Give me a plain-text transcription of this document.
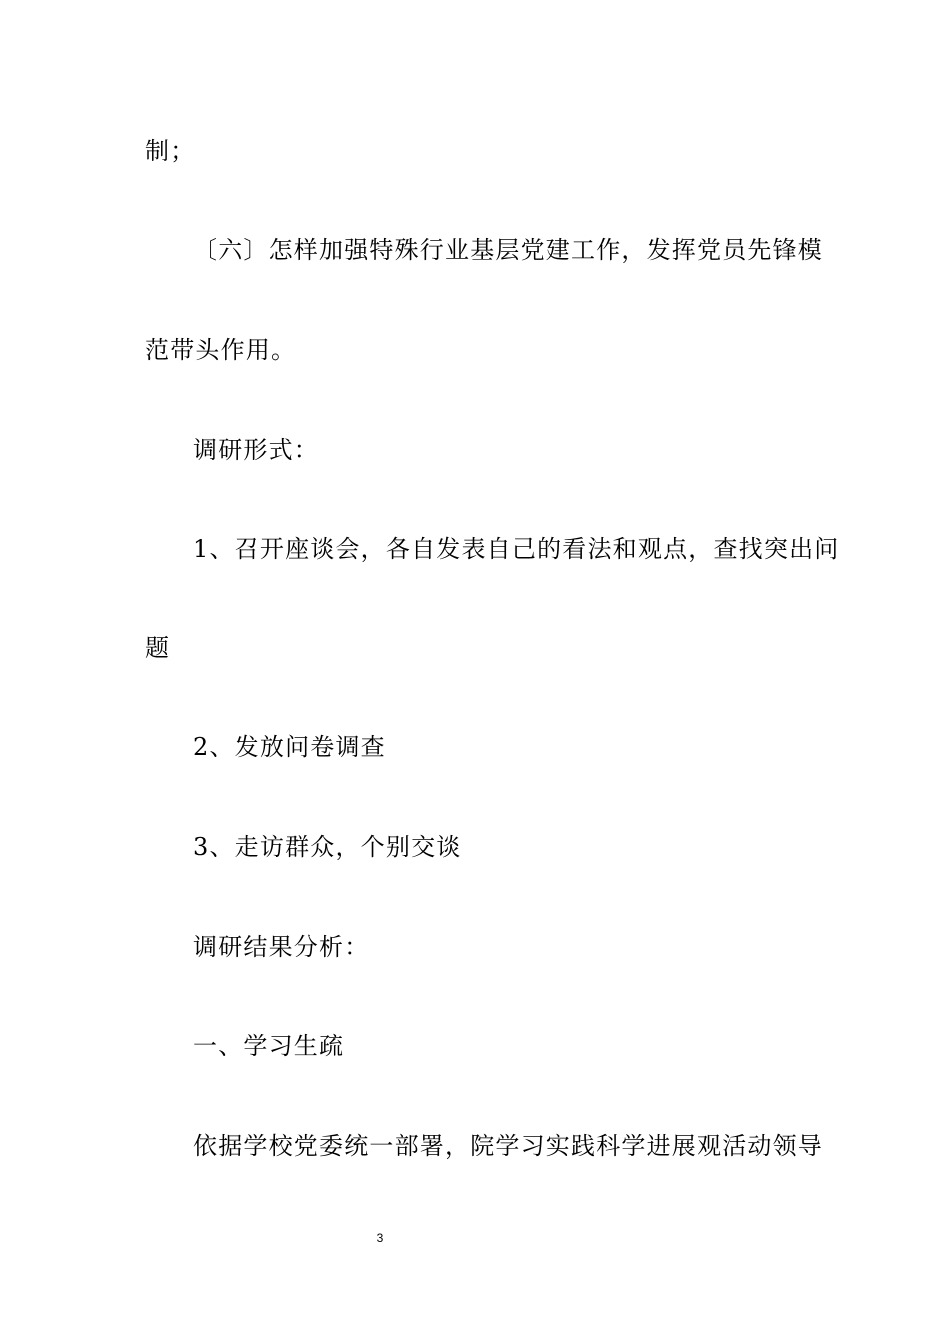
制；
〔六〕怎样加强特殊行业基层党建工作，发挥党员先锋模
范带头作用。
调研形式：
1、召开座谈会，各自发表自己的看法和观点，查找突出问
题
2、发放问卷调查
3、走访群众，个别交谈
调研结果分析：
一、学习生疏
依据学校党委统一部署，院学习实践科学进展观活动领导
3
